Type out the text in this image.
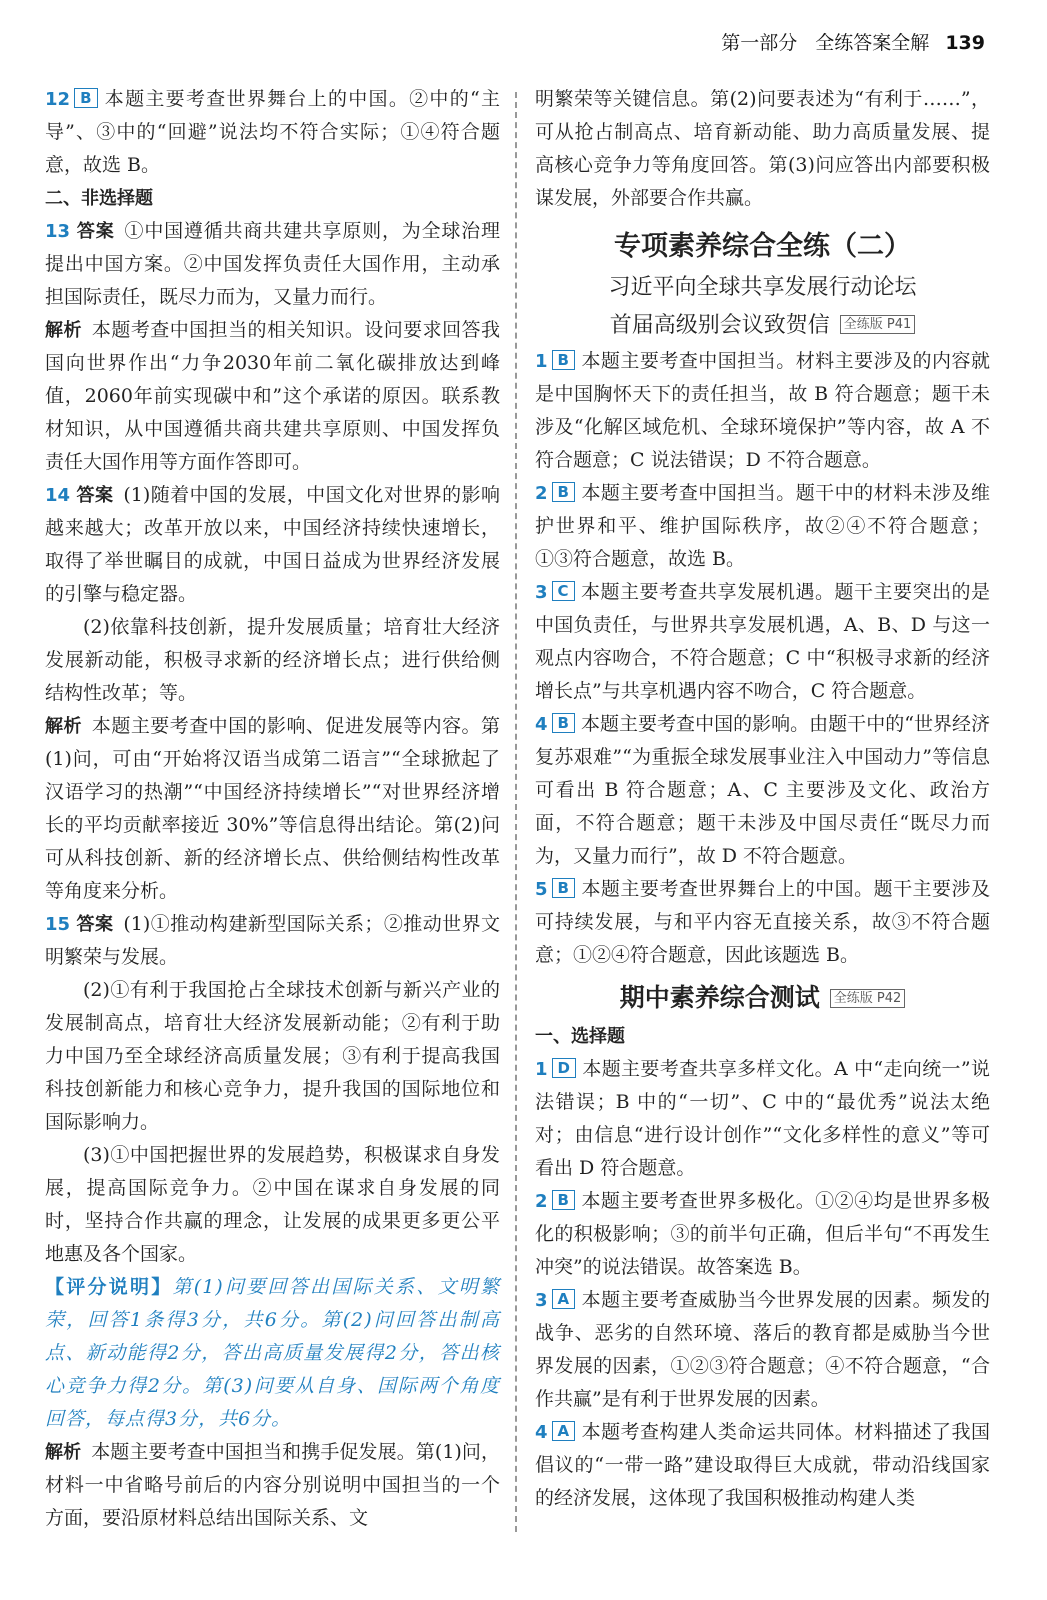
第一部分 全练答案全解 139

12 B 本题主要考查世界舞台上的中国。②中的“主导”、③中的“回避”说法均不符合实际；①④符合题意，故选 B。

二、非选择题

13 答案 ①中国遵循共商共建共享原则，为全球治理提出中国方案。②中国发挥负责任大国作用，主动承担国际责任，既尽力而为，又量力而行。

解析 本题考查中国担当的相关知识。设问要求回答我国向世界作出“力争2030年前二氧化碳排放达到峰值，2060年前实现碳中和”这个承诺的原因。联系教材知识，从中国遵循共商共建共享原则、中国发挥负责任大国作用等方面作答即可。

14 答案 (1)随着中国的发展，中国文化对世界的影响越来越大；改革开放以来，中国经济持续快速增长，取得了举世瞩目的成就，中国日益成为世界经济发展的引擎与稳定器。

(2)依靠科技创新，提升发展质量；培育壮大经济发展新动能，积极寻求新的经济增长点；进行供给侧结构性改革；等。

解析 本题主要考查中国的影响、促进发展等内容。第(1)问，可由“开始将汉语当成第二语言”“全球掀起了汉语学习的热潮”“中国经济持续增长”“对世界经济增长的平均贡献率接近 30%”等信息得出结论。第(2)问可从科技创新、新的经济增长点、供给侧结构性改革等角度来分析。

15 答案 (1)①推动构建新型国际关系；②推动世界文明繁荣与发展。

(2)①有利于我国抢占全球技术创新与新兴产业的发展制高点，培育壮大经济发展新动能；②有利于助力中国乃至全球经济高质量发展；③有利于提高我国科技创新能力和核心竞争力，提升我国的国际地位和国际影响力。

(3)①中国把握世界的发展趋势，积极谋求自身发展，提高国际竞争力。②中国在谋求自身发展的同时，坚持合作共赢的理念，让发展的成果更多更公平地惠及各个国家。

【评分说明】第(1)问要回答出国际关系、文明繁荣，回答1条得3分，共6分。第(2)问回答出制高点、新动能得2分，答出高质量发展得2分，答出核心竞争力得2分。第(3)问要从自身、国际两个角度回答，每点得3分，共6分。

解析 本题主要考查中国担当和携手促发展。第(1)问，材料一中省略号前后的内容分别说明中国担当的一个方面，要沿原材料总结出国际关系、文

明繁荣等关键信息。第(2)问要表述为“有利于……”，可从抢占制高点、培育新动能、助力高质量发展、提高核心竞争力等角度回答。第(3)问应答出内部要积极谋发展，外部要合作共赢。

专项素养综合全练（二）

习近平向全球共享发展行动论坛

首届高级别会议致贺信 全练版 P41

1 B 本题主要考查中国担当。材料主要涉及的内容就是中国胸怀天下的责任担当，故 B 符合题意；题干未涉及“化解区域危机、全球环境保护”等内容，故 A 不符合题意；C 说法错误；D 不符合题意。

2 B 本题主要考查中国担当。题干中的材料未涉及维护世界和平、维护国际秩序，故②④不符合题意；①③符合题意，故选 B。

3 C 本题主要考查共享发展机遇。题干主要突出的是中国负责任，与世界共享发展机遇，A、B、D 与这一观点内容吻合，不符合题意；C 中“积极寻求新的经济增长点”与共享机遇内容不吻合，C 符合题意。

4 B 本题主要考查中国的影响。由题干中的“世界经济复苏艰难”“为重振全球发展事业注入中国动力”等信息可看出 B 符合题意；A、C 主要涉及文化、政治方面，不符合题意；题干未涉及中国尽责任“既尽力而为，又量力而行”，故 D 不符合题意。

5 B 本题主要考查世界舞台上的中国。题干主要涉及可持续发展，与和平内容无直接关系，故③不符合题意；①②④符合题意，因此该题选 B。

期中素养综合测试 全练版 P42

一、选择题

1 D 本题主要考查共享多样文化。A 中“走向统一”说法错误；B 中的“一切”、C 中的“最优秀”说法太绝对；由信息“进行设计创作”“文化多样性的意义”等可看出 D 符合题意。

2 B 本题主要考查世界多极化。①②④均是世界多极化的积极影响；③的前半句正确，但后半句“不再发生冲突”的说法错误。故答案选 B。

3 A 本题主要考查威胁当今世界发展的因素。频发的战争、恶劣的自然环境、落后的教育都是威胁当今世界发展的因素，①②③符合题意；④不符合题意，“合作共赢”是有利于世界发展的因素。

4 A 本题考查构建人类命运共同体。材料描述了我国倡议的“一带一路”建设取得巨大成就，带动沿线国家的经济发展，这体现了我国积极推动构建人类
